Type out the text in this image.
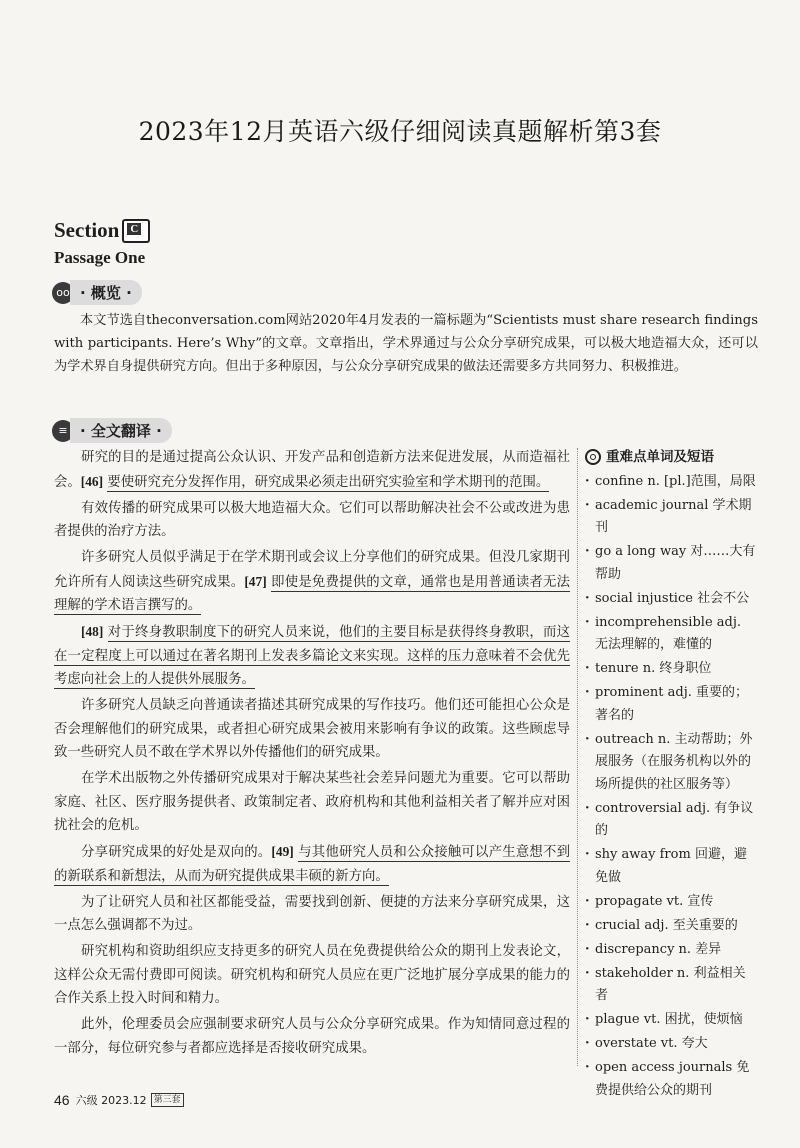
2023年12月英语六级仔细阅读真题解析第3套
Section C
Passage One
oo · 概览 ·
本文节选自theconversation.com网站2020年4月发表的一篇标题为“Scientists must share research findings with participants. Here’s Why”的文章。文章指出，学术界通过与公众分享研究成果，可以极大地造福大众，还可以为学术界自身提供研究方向。但出于多种原因，与公众分享研究成果的做法还需要多方共同努力、积极推进。
≡ · 全文翻译 ·

研究的目的是通过提高公众认识、开发产品和创造新方法来促进发展，从而造福社会。[46] 要使研究充分发挥作用，研究成果必须走出研究实验室和学术期刊的范围。

有效传播的研究成果可以极大地造福大众。它们可以帮助解决社会不公或改进为患者提供的治疗方法。

许多研究人员似乎满足于在学术期刊或会议上分享他们的研究成果。但没几家期刊允许所有人阅读这些研究成果。[47] 即使是免费提供的文章，通常也是用普通读者无法理解的学术语言撰写的。

[48] 对于终身教职制度下的研究人员来说，他们的主要目标是获得终身教职，而这在一定程度上可以通过在著名期刊上发表多篇论文来实现。这样的压力意味着不会优先考虑向社会上的人提供外展服务。

许多研究人员缺乏向普通读者描述其研究成果的写作技巧。他们还可能担心公众是否会理解他们的研究成果，或者担心研究成果会被用来影响有争议的政策。这些顾虑导致一些研究人员不敢在学术界以外传播他们的研究成果。

在学术出版物之外传播研究成果对于解决某些社会差异问题尤为重要。它可以帮助家庭、社区、医疗服务提供者、政策制定者、政府机构和其他利益相关者了解并应对困扰社会的危机。

分享研究成果的好处是双向的。[49] 与其他研究人员和公众接触可以产生意想不到的新联系和新想法，从而为研究提供成果丰硕的新方向。

为了让研究人员和社区都能受益，需要找到创新、便捷的方法来分享研究成果，这一点怎么强调都不为过。

研究机构和资助组织应支持更多的研究人员在免费提供给公众的期刊上发表论文，这样公众无需付费即可阅读。研究机构和研究人员应在更广泛地扩展分享成果的能力的合作关系上投入时间和精力。

此外，伦理委员会应强制要求研究人员与公众分享研究成果。作为知情同意过程的一部分，每位研究参与者都应选择是否接收研究成果。

重难点单词及短语
· confine n. [pl.]范围，局限
· academic journal 学术期刊
· go a long way 对……大有帮助
· social injustice 社会不公
· incomprehensible adj. 无法理解的，难懂的
· tenure n. 终身职位
· prominent adj. 重要的；著名的
· outreach n. 主动帮助；外展服务（在服务机构以外的场所提供的社区服务等）
· controversial adj. 有争议的
· shy away from 回避，避免做
· propagate vt. 宣传
· crucial adj. 至关重要的
· discrepancy n. 差异
· stakeholder n. 利益相关者
· plague vt. 困扰，使烦恼
· overstate vt. 夸大
· open access journals 免费提供给公众的期刊
46 六级 2023.12 第三套
